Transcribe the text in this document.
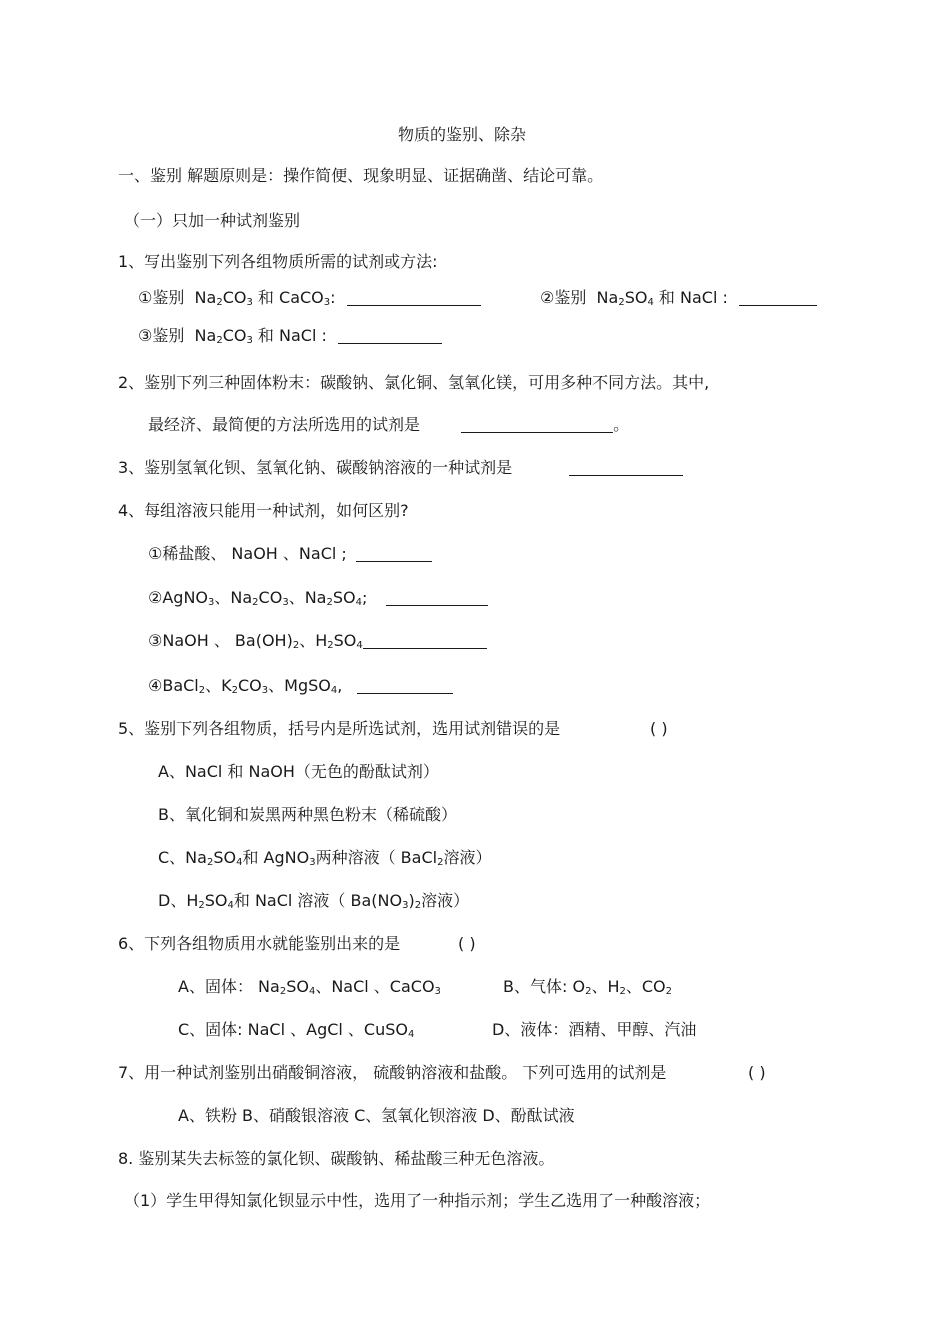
物质的鉴别、除杂
一、鉴别 解题原则是：操作简便、现象明显、证据确凿、结论可靠。
（一）只加一种试剂鉴别
1、写出鉴别下列各组物质所需的试剂或方法:
①鉴别 $Na_2CO_3$ 和 CaCO$_3$:	②鉴别 $Na_2SO_4$ 和 NaCl :
③鉴别 $Na_2CO_3$ 和 NaCl :
2、鉴别下列三种固体粉末：碳酸钠、氯化铜、氢氧化镁，可用多种不同方法。其中,
最经济、最简便的方法所选用的试剂是	。
3、鉴别氢氧化钡、氢氧化钠、碳酸钠溶液的一种试剂是
4、每组溶液只能用一种试剂，如何区别?
①稀盐酸、 NaOH 、NaCl ;
②AgNO$_3$、$Na_2CO_3$、$Na_2SO_4$;
③NaOH 、 $Ba(OH)_2$、$H_2SO_4$
④BaCl$_2$、$K_2CO_3$、MgSO$_4$,
5、鉴别下列各组物质，括号内是所选试剂，选用试剂错误的是	( )
A、NaCl 和 NaOH（无色的酚酞试剂）
B、氧化铜和炭黑两种黑色粉末（稀硫酸）
C、$Na_2SO_4$和 AgNO$_3$两种溶液（ BaCl$_2$溶液）
D、$H_2SO_4$和 NaCl 溶液（ $Ba(NO_3)_2$溶液）
6、下列各组物质用水就能鉴别出来的是	( )
A、固体： $Na_2SO_4$、NaCl 、CaCO$_3$	B、气体: $O_2$、$H_2$、$CO_2$
C、固体: NaCl 、AgCl 、CuSO$_4$	D、液体：酒精、甲醇、汽油
7、用一种试剂鉴别出硝酸铜溶液， 硫酸钠溶液和盐酸。 下列可选用的试剂是	( )
A、铁粉 B、硝酸银溶液 C、氢氧化钡溶液 D、酚酞试液
8. 鉴别某失去标签的氯化钡、碳酸钠、稀盐酸三种无色溶液。
（1）学生甲得知氯化钡显示中性，选用了一种指示剂；学生乙选用了一种酸溶液；
